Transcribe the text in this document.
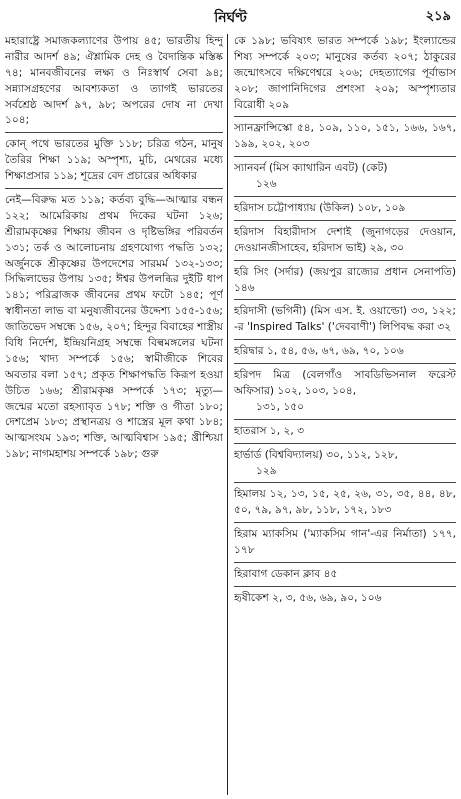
নির্ঘণ্ট	২১৯
মহারাষ্ট্রে সমাজকল্যাণের উপায় ৪৫; ভারতীয় হিন্দু নারীর আদর্শ ৪৯; ঐশ্লামিক দেহ ও বৈদান্তিক মস্তিষ্ক ৭৪; মানবজীবনের লক্ষ্য ও নিঃস্বার্থ সেবা ৯৪; সন্ন্যাসগ্রহণের আবশ্যকতা ও ত্যাগই ভারতের সর্বশ্রেষ্ঠ আদর্শ ৯৭, ৯৮; অপরের দোষ না দেখা ১০৪;
কোন্ পথে ভারতের মুক্তি ১১৮; চরিত্র গঠন, মানুষ তৈরির শিক্ষা ১১৯; অস্পৃশ্য, মুচি, মেথরের মধ্যে শিক্ষাপ্রসার ১১৯; শূদ্রের বেদ প্রচারের অধিকার
নেই—বিরুদ্ধ মত ১১৯; কর্তব্য বুদ্ধি—আত্মার বন্ধন ১২২; আমেরিকায় প্রথম দিকের ঘটনা ১২৬; শ্রীরামকৃষ্ণের শিক্ষায় জীবন ও দৃষ্টিভঙ্গির পরিবর্তন ১৩১; তর্ক ও আলোচনায় গ্রহণযোগ্য পদ্ধতি ১৩২; অর্জুনকে শ্রীকৃষ্ণের উপদেশের সারমর্ম ১৩২-১৩৩; সিদ্ধিলাভের উপায় ১৩৫; ঈশ্বর উপলব্ধির দুইটি ধাপ ১৪১; পরিব্রাজক জীবনের প্রথম ফটো ১৪৫; পূর্ণ স্বাধীনতা লাভ বা মনুষ্যজীবনের উদ্দেশ্য ১৫৫-১৫৬; জাতিভেদ সম্বন্ধে ১৫৬, ২০৭; হিন্দুর বিবাহের শাস্ত্রীয় বিধি নির্দেশ, ইন্দ্রিয়নিগ্রহ সম্বন্ধে বিল্বমঙ্গলের ঘটনা ১৫৬; খাদ্য সম্পর্কে ১৫৬; স্বামীজীকে শিবের অবতার বলা ১৫৭; প্রকৃত শিক্ষাপদ্ধতি কিরূপ হওয়া উচিত ১৬৬; শ্রীরামকৃষ্ণ সম্পর্কে ১৭৩; মৃত্যু—জন্মের মতো রহস্যাবৃত ১৭৮; শক্তি ও গীতা ১৮০; দেশপ্রেম ১৮৩; প্রস্থানত্রয় ও শাস্ত্রের মূল কথা ১৮৪; আত্মসংযম ১৯৩; শক্তি, আত্মবিশ্বাস ১৯৫; খ্রীশ্চিয়া ১৯৮; নাগমহাশয় সম্পর্কে ১৯৮; গুরু
কে ১৯৮; ভবিষ্যৎ ভারত সম্পর্কে ১৯৮; ইংল্যান্ডের শিষ্য সম্পর্কে ২০৩; মানুষের কর্তব্য ২০৭; ঠাকুরের জন্মোৎসবে দক্ষিণেশ্বরে ২০৬; দেহত্যাগের পূর্বাভাস ২০৮; জাপানিদিগের প্রশংসা ২০৯; অস্পৃশ্যতার বিরোধী ২০৯
স্যানফ্রান্সিস্কো ৫৪, ১০৯, ১১০, ১৫১, ১৬৬, ১৬৭, ১৯৯, ২০২, ২০৩
স্যানবর্ন (মিস ক্যাথারিন এবট) (কেট)
১২৬
হরিদাস চট্টোপাধ্যায় (উকিল) ১০৮, ১০৯
হরিদাস বিহারীদাস দেশাই (জুনাগড়ের দেওয়ান, দেওয়ানজীসাহেব, হরিদাস ভাই) ২৯, ৩০
হরি সিং (সর্দার) (জয়পুর রাজ্যের প্রধান সেনাপতি) ১৪৬
হরিদাসী (ভগিনী) (মিস এস. ই. ওয়াল্ডো) ৩৩, ১২২; -র 'Inspired Talks' ('দেববাণী') লিপিবদ্ধ করা ৩২
হরিদ্বার ১, ৫৪, ৫৬, ৬৭, ৬৯, ৭০, ১০৬
হরিপদ মিত্র (বেলগাঁও সাবডিভিসনাল ফরেস্ট অফিসার) ১০২, ১০৩, ১০৪,
১৩১, ১৫০
হাতরাস ১, ২, ৩
হার্ভার্ড (বিশ্ববিদ্যালয়) ৩০, ১১২, ১২৮,
১২৯
হিমালয় ১২, ১৩, ১৫, ২৫, ২৬, ৩১, ৩৫, ৪৪, ৪৮, ৫০, ৭৯, ৯৭, ৯৮, ১১৮, ১৭২, ১৮৩
হিরাম ম্যাকসিম ('ম্যাকসিম গান'-এর নির্মাতা) ১৭৭, ১৭৮
হিরাবাগ ডেকান ক্লাব ৪৫
হৃষীকেশ ২, ৩, ৫৬, ৬৯, ৯০, ১০৬
